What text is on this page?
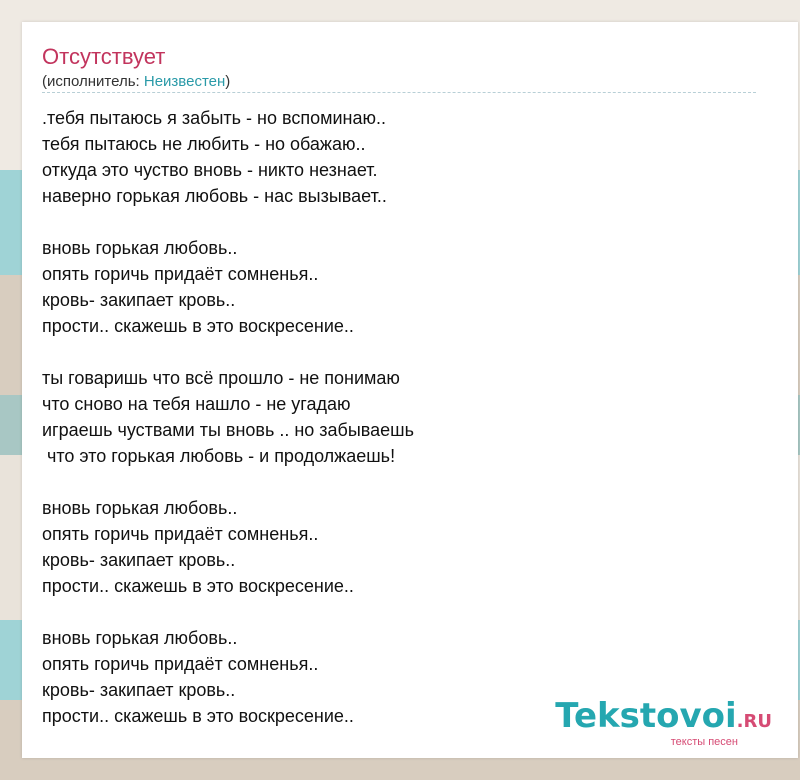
Отсутствует
(исполнитель: Неизвестен)
.тебя пытаюсь я забыть - но вспоминаю..
тебя пытаюсь не любить - но обажаю..
откуда это чуство вновь - никто незнает.
наверно горькая любовь - нас вызывает..
вновь горькая любовь..
опять горичь придаёт сомненья..
кровь- закипает кровь..
прости.. скажешь в это воскресение..
ты говаришь что всё прошло - не понимаю
что сново на тебя нашло - не угадаю
играешь чуствами ты вновь .. но забываешь
что это горькая любовь - и продолжаешь!
вновь горькая любовь..
опять горичь придаёт сомненья..
кровь- закипает кровь..
прости.. скажешь в это воскресение..
вновь горькая любовь..
опять горичь придаёт сомненья..
кровь- закипает кровь..
прости.. скажешь в это воскресение..	Tekstovoi.RU
тексты песен
